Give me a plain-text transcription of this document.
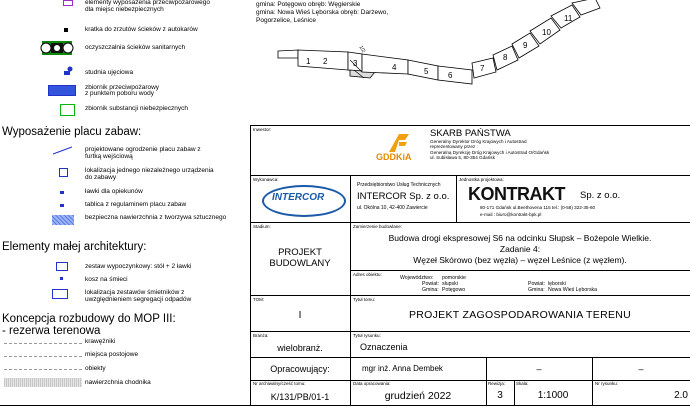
elementy wyposażenia przeciwpożarowego
dla miejsc niebezpiecznych
kratka do zrzutów ścieków z autokarów
oczyszczalnia ścieków sanitarnych
studnia ujęciowa
zbiornik przeciwpożarowy
z punktem poboru wody
zbiornik substancji niebezpiecznych
Wyposażenie placu zabaw:
projektowane ogrodzenie placu zabaw z
furtką wejściową
lokalizacja jednego niezależnego urządzenia
do zabawy
ławki dla opiekunów
tablica z regulaminem placu zabaw
bezpieczna nawierzchnia z tworzywa sztucznego
Elementy małej architektury:
zestaw wypoczynkowy: stół + 2 ławki
kosz na śmieci
lokalizacja zestawów śmietników z
uwzględnieniem segregacji odpadów
Koncepcja rozbudowy do MOP III:
- rezerwa terenowa
krawężniki
miejsca postojowe
obiekty
nawierzchnia chodnika
gmina: Potęgowo obręb: Węgierskie
gmina: Nowa Wieś Lęborska obręb: Darżewo,
Pogorzelice, Leśnice
1 2	3	4	5 6
7
8
9
10
11
1/2
Inwestor:
GDDKiA
SKARB PAŃSTWA
Generalny Dyrektor Dróg Krajowych i Autostrad
reprezentowany przez :
Generalną Dyrekcję Dróg Krajowych i Autostrad O/Gdańsk
ul. Subisława 5, 80-354 Gdańsk
Wykonawca:
INTERCOR
Przedsiębiorstwo Usług Technicznych
INTERCOR Sp. z o.o.
ul. Okólna 10, 42-400 Zawiercie
Jednostka projektowa:
KONTRAKT Sp. z o.o.
80-171 Gdańsk ul.Beethovena 115 tel.: (0-58) 322-35-60
e-mail : biuro@kontrakt-bpk.pl
Stadium:
PROJEKT
BUDOWLANY
Zamierzenie budowlane:
Budowa drogi ekspresowej S6 na odcinku Słupsk – Bożepole Wielkie.
Zadanie 4:
Węzeł Skórowo (bez węzła) – węzeł Leśnice (z węzłem).
Adres obiektu:
Województwo: pomorskie
Powiat: słupski
Gmina: Potęgowo
Powiat: lęborski
Gmina: Nowa Wieś Lęborska
TOM:
I
Tytuł tomu:
PROJEKT ZAGOSPODAROWANIA TERENU
Branża:
wielobranż.
Tytuł rysunku:
Oznaczenia
Opracowujący:	mgr inż. Anna Dembek	–	–
Nr archiwalny/cześć tomu:
K/131/PB/01-1
Data opracowania:
grudzień 2022
Rewizja:
3
Skala:
1:1000
Nr rysunku:
2.0
